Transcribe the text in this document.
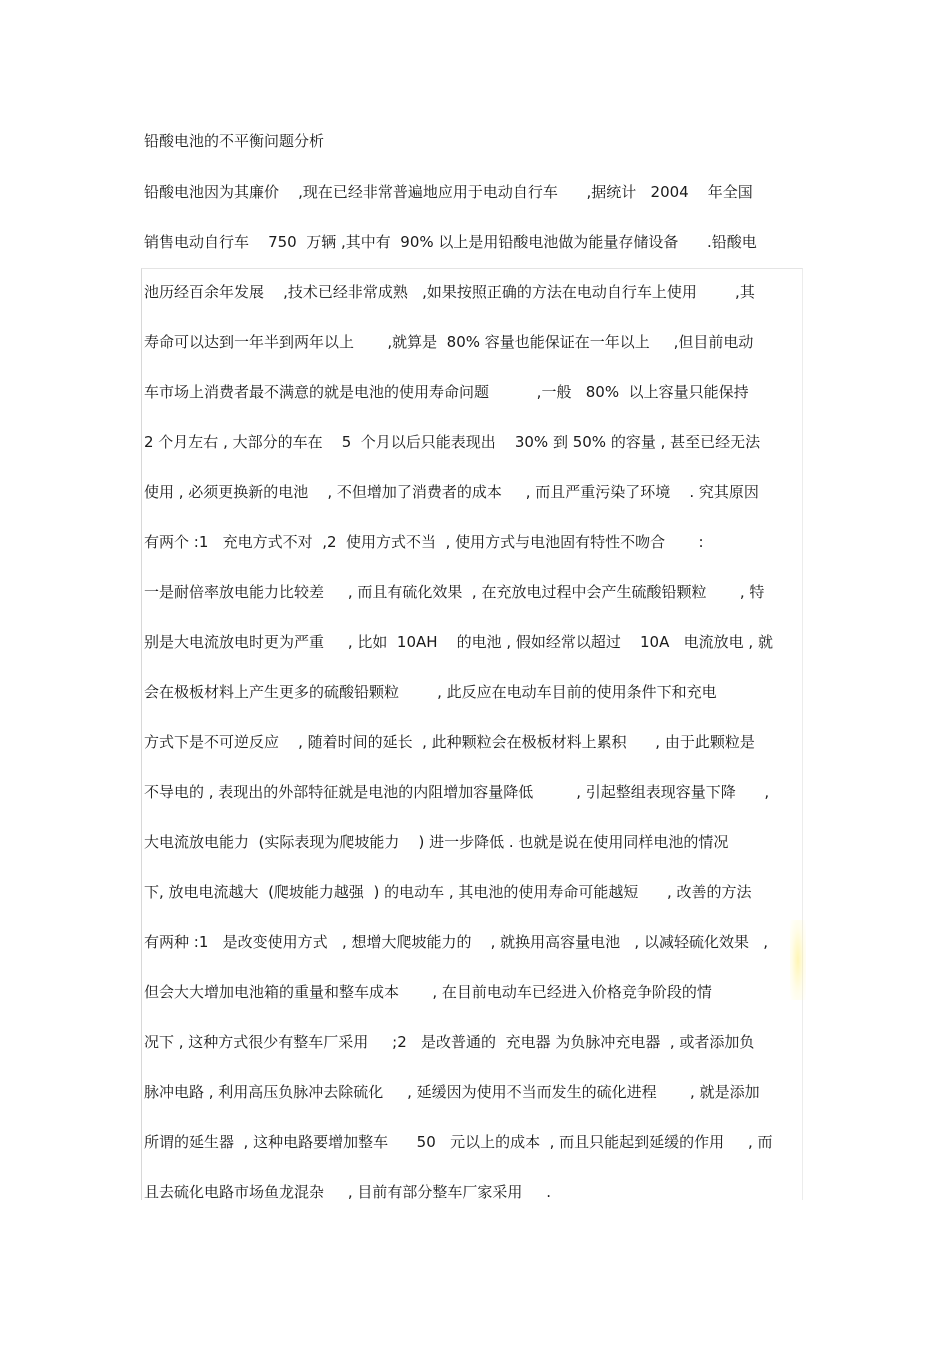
铅酸电池的不平衡问题分析
铅酸电池因为其廉价    ,现在已经非常普遍地应用于电动自行车      ,据统计   2004    年全国
销售电动自行车    750  万辆 ,其中有  90% 以上是用铅酸电池做为能量存储设备      .铅酸电
池历经百余年发展    ,技术已经非常成熟   ,如果按照正确的方法在电动自行车上使用        ,其
寿命可以达到一年半到两年以上       ,就算是  80% 容量也能保证在一年以上     ,但目前电动
车市场上消费者最不满意的就是电池的使用寿命问题          ,一般   80%  以上容量只能保持
2 个月左右 , 大部分的车在    5  个月以后只能表现出    30% 到 50% 的容量 , 甚至已经无法
使用 , 必须更换新的电池    , 不但增加了消费者的成本     , 而且严重污染了环境    . 究其原因
有两个 :1   充电方式不对  ,2  使用方式不当  , 使用方式与电池固有特性不吻合       :
一是耐倍率放电能力比较差     , 而且有硫化效果  , 在充放电过程中会产生硫酸铅颗粒       , 特
别是大电流放电时更为严重     , 比如  10AH    的电池 , 假如经常以超过    10A   电流放电 , 就
会在极板材料上产生更多的硫酸铅颗粒        , 此反应在电动车目前的使用条件下和充电
方式下是不可逆反应    , 随着时间的延长  , 此种颗粒会在极板材料上累积      , 由于此颗粒是
不导电的 , 表现出的外部特征就是电池的内阻增加容量降低         , 引起整组表现容量下降      ,
大电流放电能力  (实际表现为爬坡能力    ) 进一步降低 . 也就是说在使用同样电池的情况
下, 放电电流越大  (爬坡能力越强  ) 的电动车 , 其电池的使用寿命可能越短      , 改善的方法
有两种 :1   是改变使用方式   , 想增大爬坡能力的    , 就换用高容量电池   , 以减轻硫化效果   ,
但会大大增加电池箱的重量和整车成本       , 在目前电动车已经进入价格竞争阶段的情
况下 , 这种方式很少有整车厂采用     ;2   是改普通的  充电器 为负脉冲充电器  , 或者添加负
脉冲电路 , 利用高压负脉冲去除硫化     , 延缓因为使用不当而发生的硫化进程       , 就是添加
所谓的延生器  , 这种电路要增加整车      50   元以上的成本  , 而且只能起到延缓的作用     , 而
且去硫化电路市场鱼龙混杂     , 目前有部分整车厂家采用     .
